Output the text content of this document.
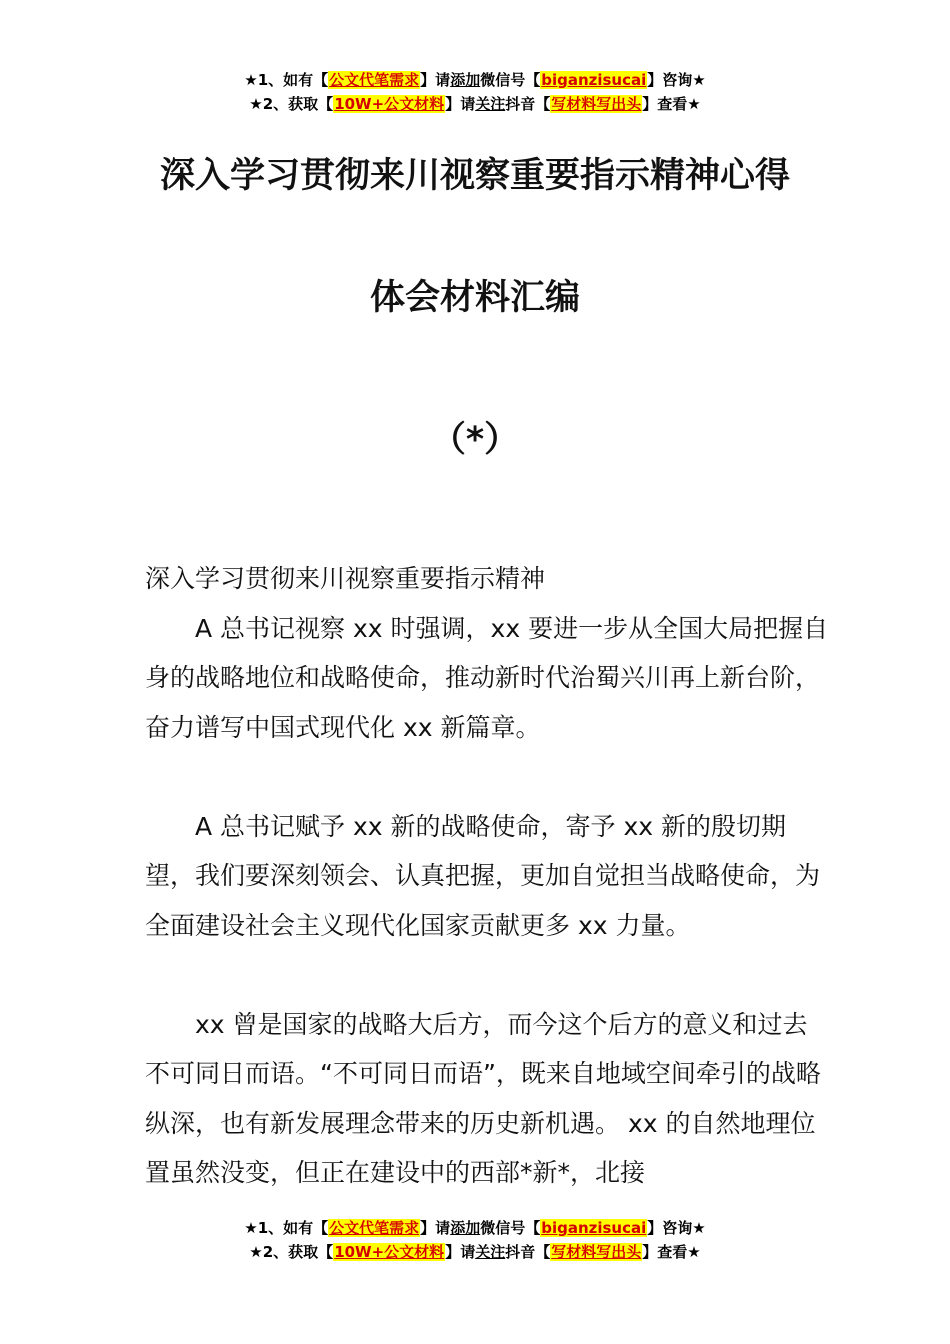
★1、如有【公文代笔需求】请添加微信号【biganzisucai】咨询★
★2、获取【10W+公文材料】请关注抖音【写材料写出头】查看★
深入学习贯彻来川视察重要指示精神心得
体会材料汇编
（*）

深入学习贯彻来川视察重要指示精神

A 总书记视察 xx 时强调，xx 要进一步从全国大局把握自身的战略地位和战略使命，推动新时代治蜀兴川再上新台阶，奋力谱写中国式现代化 xx 新篇章。

A 总书记赋予 xx 新的战略使命，寄予 xx 新的殷切期望，我们要深刻领会、认真把握，更加自觉担当战略使命，为全面建设社会主义现代化国家贡献更多 xx 力量。

xx 曾是国家的战略大后方，而今这个后方的意义和过去不可同日而语。“不可同日而语”，既来自地域空间牵引的战略纵深，也有新发展理念带来的历史新机遇。 xx 的自然地理位置虽然没变，但正在建设中的西部*新*，北接

★1、如有【公文代笔需求】请添加微信号【biganzisucai】咨询★
★2、获取【10W+公文材料】请关注抖音【写材料写出头】查看★
